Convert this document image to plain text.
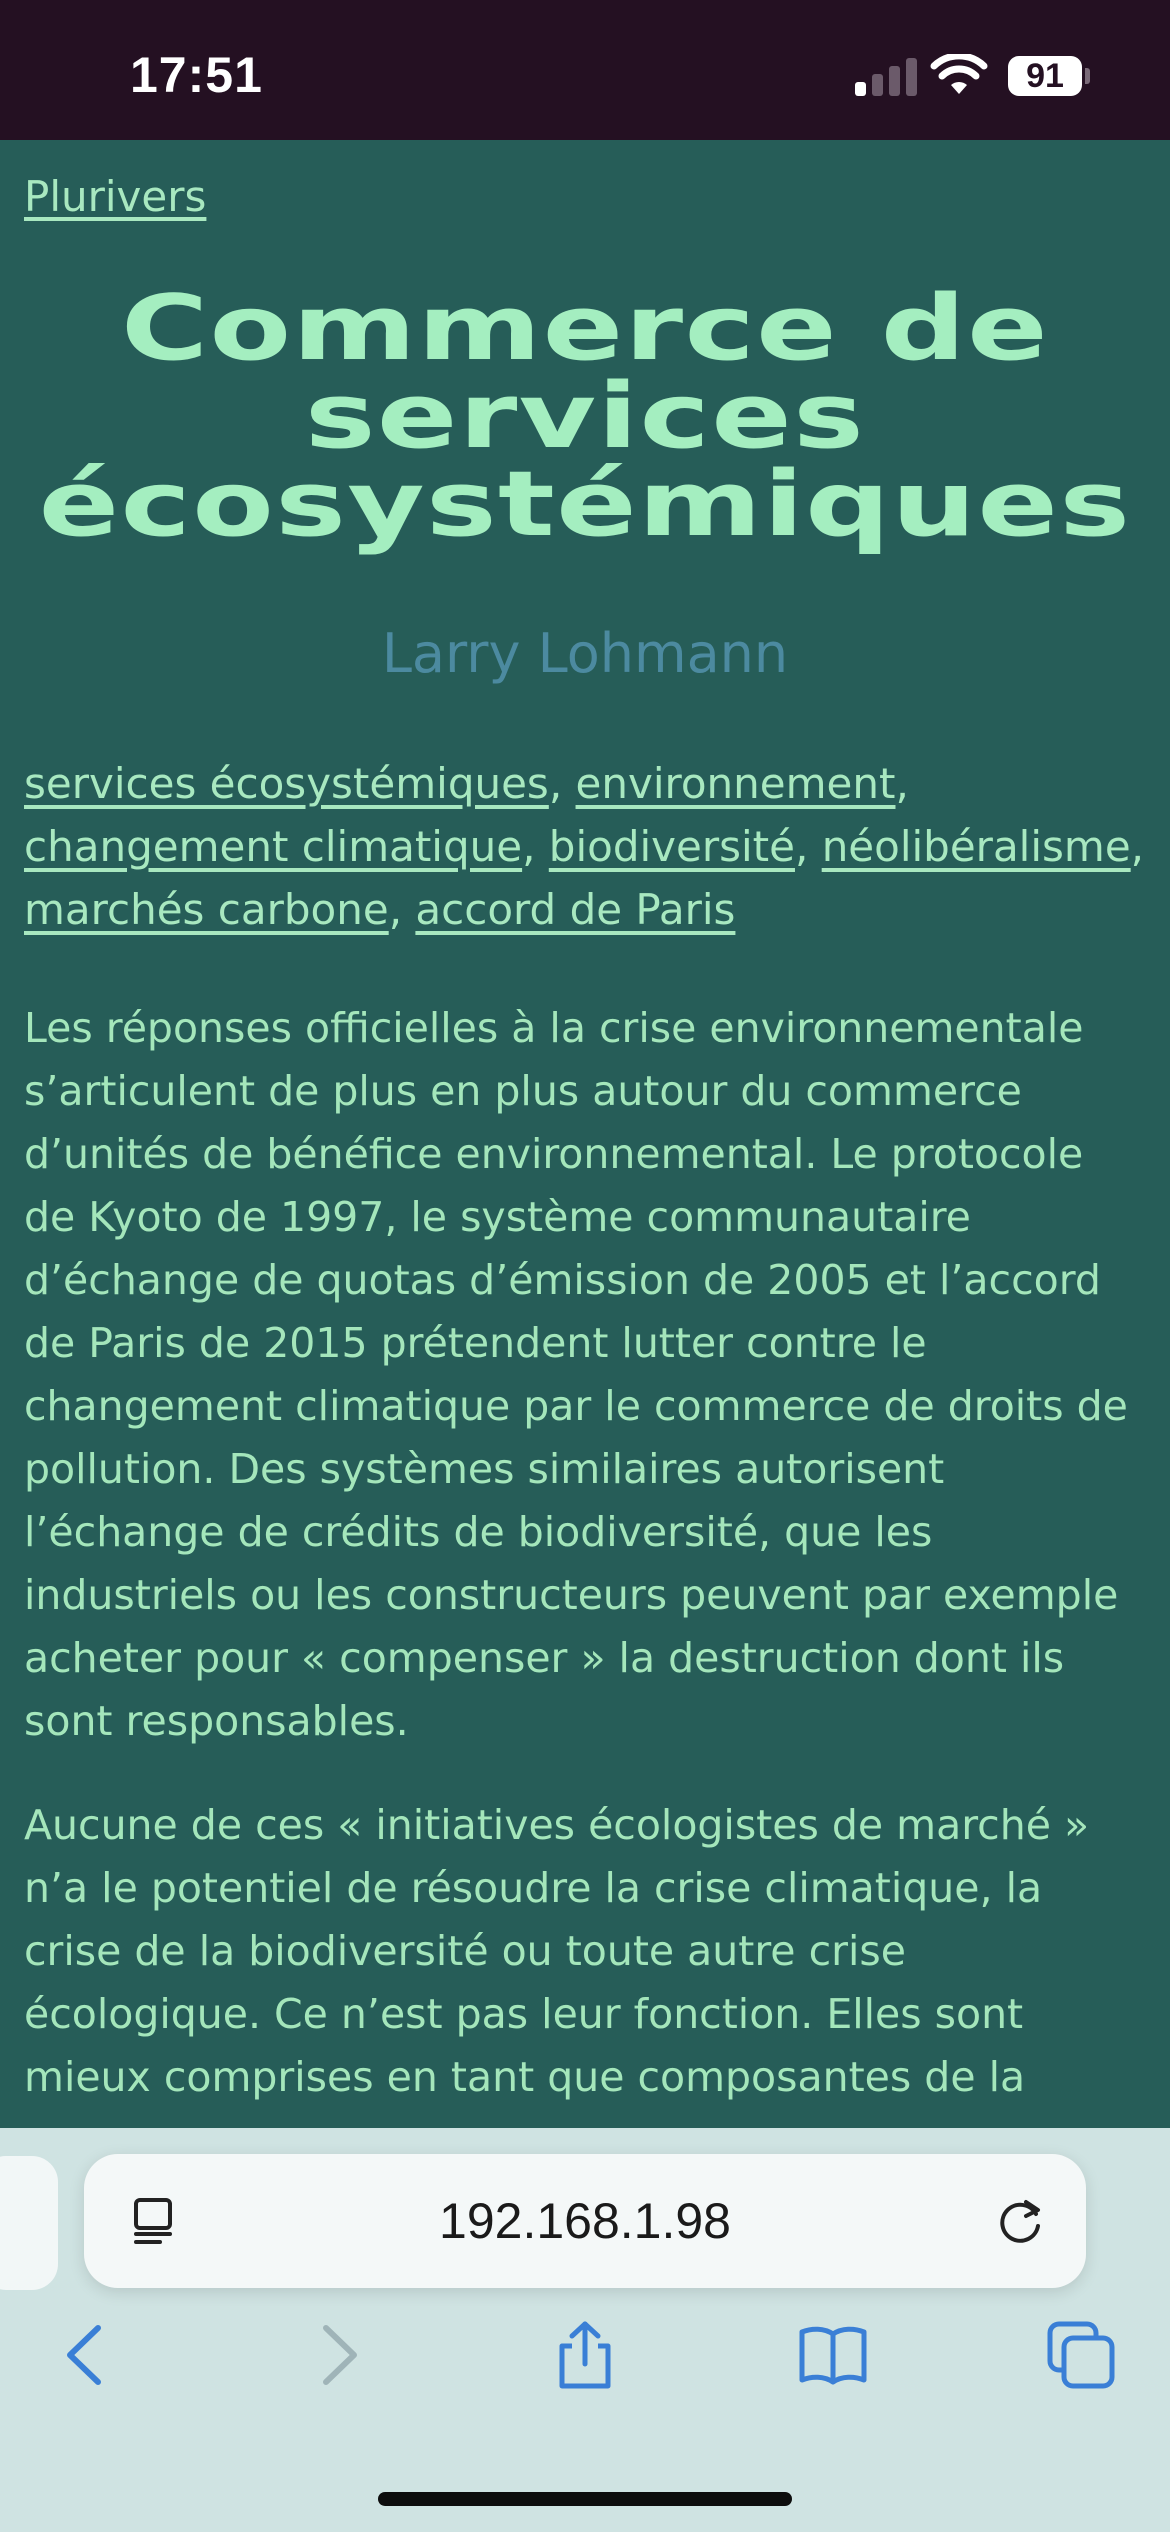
17:51	91
Plurivers
Commerce de
services
écosystémiques
Larry Lohmann
services écosystémiques, environnement, changement climatique, biodiversité, néolibéralisme, marchés carbone, accord de Paris

Les réponses officielles à la crise environnementale s’articulent de plus en plus autour du commerce d’unités de bénéfice environnemental. Le protocole de Kyoto de 1997, le système communautaire d’échange de quotas d’émission de 2005 et l’accord de Paris de 2015 prétendent lutter contre le changement climatique par le commerce de droits de pollution. Des systèmes similaires autorisent l’échange de crédits de biodiversité, que les industriels ou les constructeurs peuvent par exemple acheter pour « compenser » la destruction dont ils sont responsables.

Aucune de ces « initiatives écologistes de marché » n’a le potentiel de résoudre la crise climatique, la crise de la biodiversité ou toute autre crise écologique. Ce n’est pas leur fonction. Elles sont mieux comprises en tant que composantes de la

192.168.1.98
